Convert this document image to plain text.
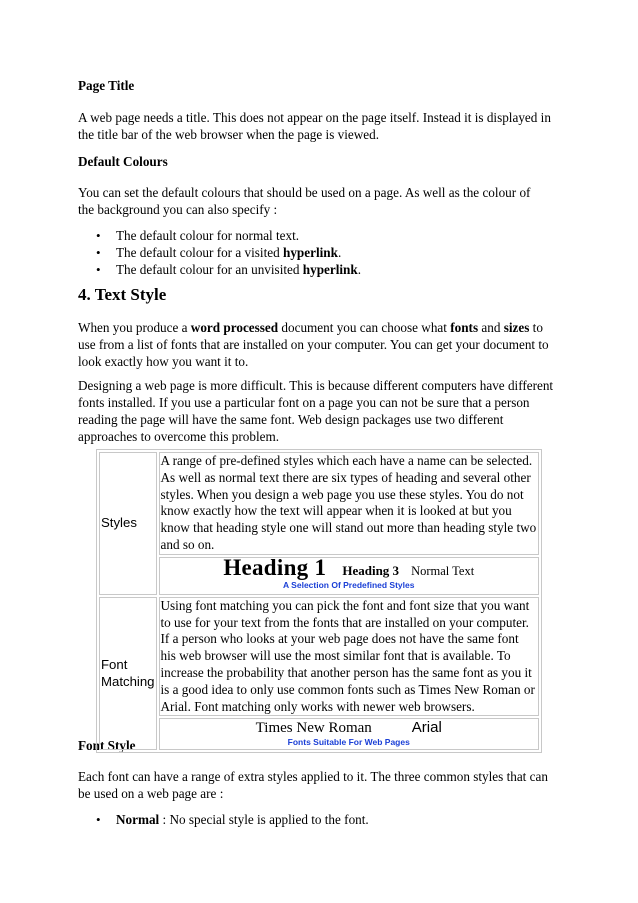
Page Title

A web page needs a title. This does not appear on the page itself. Instead it is displayed in the title bar of the web browser when the page is viewed.

Default Colours

You can set the default colours that should be used on a page. As well as the colour of the background you can also specify :

• The default colour for normal text.
• The default colour for a visited hyperlink.
• The default colour for an unvisited hyperlink.
4. Text Style

When you produce a word processed document you can choose what fonts and sizes to use from a list of fonts that are installed on your computer. You can get your document to look exactly how you want it to.

Designing a web page is more difficult. This is because different computers have different fonts installed. If you use a particular font on a page you can not be sure that a person reading the page will have the same font. Web design packages use two different approaches to overcome this problem.

Font Style

Each font can have a range of extra styles applied to it. The three common styles that can be used on a web page are :

• Normal : No special style is applied to the font.
Styles	A range of pre-defined styles which each have a name can be selected. As well as normal text there are six types of heading and several other styles. When you design a web page you use these styles. You do not know exactly how the text will appear when it is looked at but you know that heading style one will stand out more than heading style two and so on.
	Heading 1 Heading 3 Normal Text
A Selection Of Predefined Styles

Font Matching	Using font matching you can pick the font and font size that you want to use for your text from the fonts that are installed on your computer. If a person who looks at your web page does not have the same font his web browser will use the most similar font that is available. To increase the probability that another person has the same font as you it is a good idea to only use common fonts such as Times New Roman or Arial. Font matching only works with newer web browsers.
	Times New Roman Arial
Fonts Suitable For Web Pages
